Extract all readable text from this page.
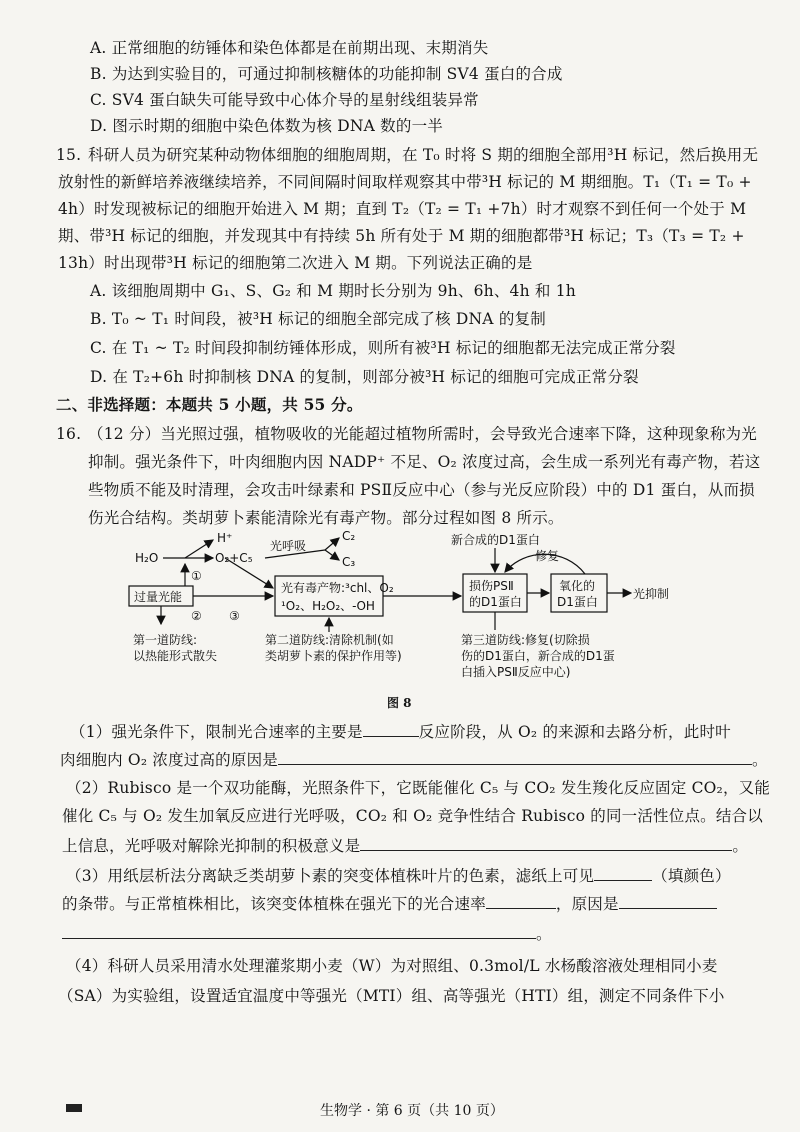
A. 正常细胞的纺锤体和染色体都是在前期出现、末期消失
B. 为达到实验目的，可通过抑制核糖体的功能抑制 SV4 蛋白的合成
C. SV4 蛋白缺失可能导致中心体介导的星射线组装异常
D. 图示时期的细胞中染色体数为核 DNA 数的一半
15. 科研人员为研究某种动物体细胞的细胞周期，在 T₀ 时将 S 期的细胞全部用³H 标记，然后换用无
放射性的新鲜培养液继续培养，不同间隔时间取样观察其中带³H 标记的 M 期细胞。T₁（T₁ = T₀ +
4h）时发现被标记的细胞开始进入 M 期；直到 T₂（T₂ = T₁ +7h）时才观察不到任何一个处于 M
期、带³H 标记的细胞，并发现其中有持续 5h 所有处于 M 期的细胞都带³H 标记；T₃（T₃ = T₂ +
13h）时出现带³H 标记的细胞第二次进入 M 期。下列说法正确的是
A. 该细胞周期中 G₁、S、G₂ 和 M 期时长分别为 9h、6h、4h 和 1h
B. T₀ ~ T₁ 时间段，被³H 标记的细胞全部完成了核 DNA 的复制
C. 在 T₁ ~ T₂ 时间段抑制纺锤体形成，则所有被³H 标记的细胞都无法完成正常分裂
D. 在 T₂+6h 时抑制核 DNA 的复制，则部分被³H 标记的细胞可完成正常分裂
二、非选择题：本题共 5 小题，共 55 分。
16. （12 分）当光照过强，植物吸收的光能超过植物所需时，会导致光合速率下降，这种现象称为光
抑制。强光条件下，叶肉细胞内因 NADP⁺ 不足、O₂ 浓度过高，会生成一系列光有毒产物，若这
些物质不能及时清理，会攻击叶绿素和 PSⅡ反应中心（参与光反应阶段）中的 D1 蛋白，从而损
伤光合结构。类胡萝卜素能清除光有毒产物。部分过程如图 8 所示。
H₂O
H⁺
O₂+C₅
光呼吸
C₂
C₃
①
过量光能
② ③
光有毒产物:³chl、O₂
¹O₂、H₂O₂、-OH
新合成的D1蛋白
损伤PSⅡ
的D1蛋白
修复
氧化的
D1蛋白
光抑制
第一道防线:
以热能形式散失
第二道防线:清除机制(如
类胡萝卜素的保护作用等)
第三道防线:修复(切除损
伤的D1蛋白，新合成的D1蛋
白插入PSⅡ反应中心)
图 8
（1）强光条件下，限制光合速率的主要是	反应阶段，从 O₂ 的来源和去路分析，此时叶
肉细胞内 O₂ 浓度过高的原因是	。
（2）Rubisco 是一个双功能酶，光照条件下，它既能催化 C₅ 与 CO₂ 发生羧化反应固定 CO₂，又能
催化 C₅ 与 O₂ 发生加氧反应进行光呼吸，CO₂ 和 O₂ 竞争性结合 Rubisco 的同一活性位点。结合以
上信息，光呼吸对解除光抑制的积极意义是	。
（3）用纸层析法分离缺乏类胡萝卜素的突变体植株叶片的色素，滤纸上可见	（填颜色）
的条带。与正常植株相比，该突变体植株在强光下的光合速率	，原因是
。
（4）科研人员采用清水处理灌浆期小麦（W）为对照组、0.3mol/L 水杨酸溶液处理相同小麦
（SA）为实验组，设置适宜温度中等强光（MTI）组、高等强光（HTI）组，测定不同条件下小
生物学 · 第 6 页（共 10 页）
